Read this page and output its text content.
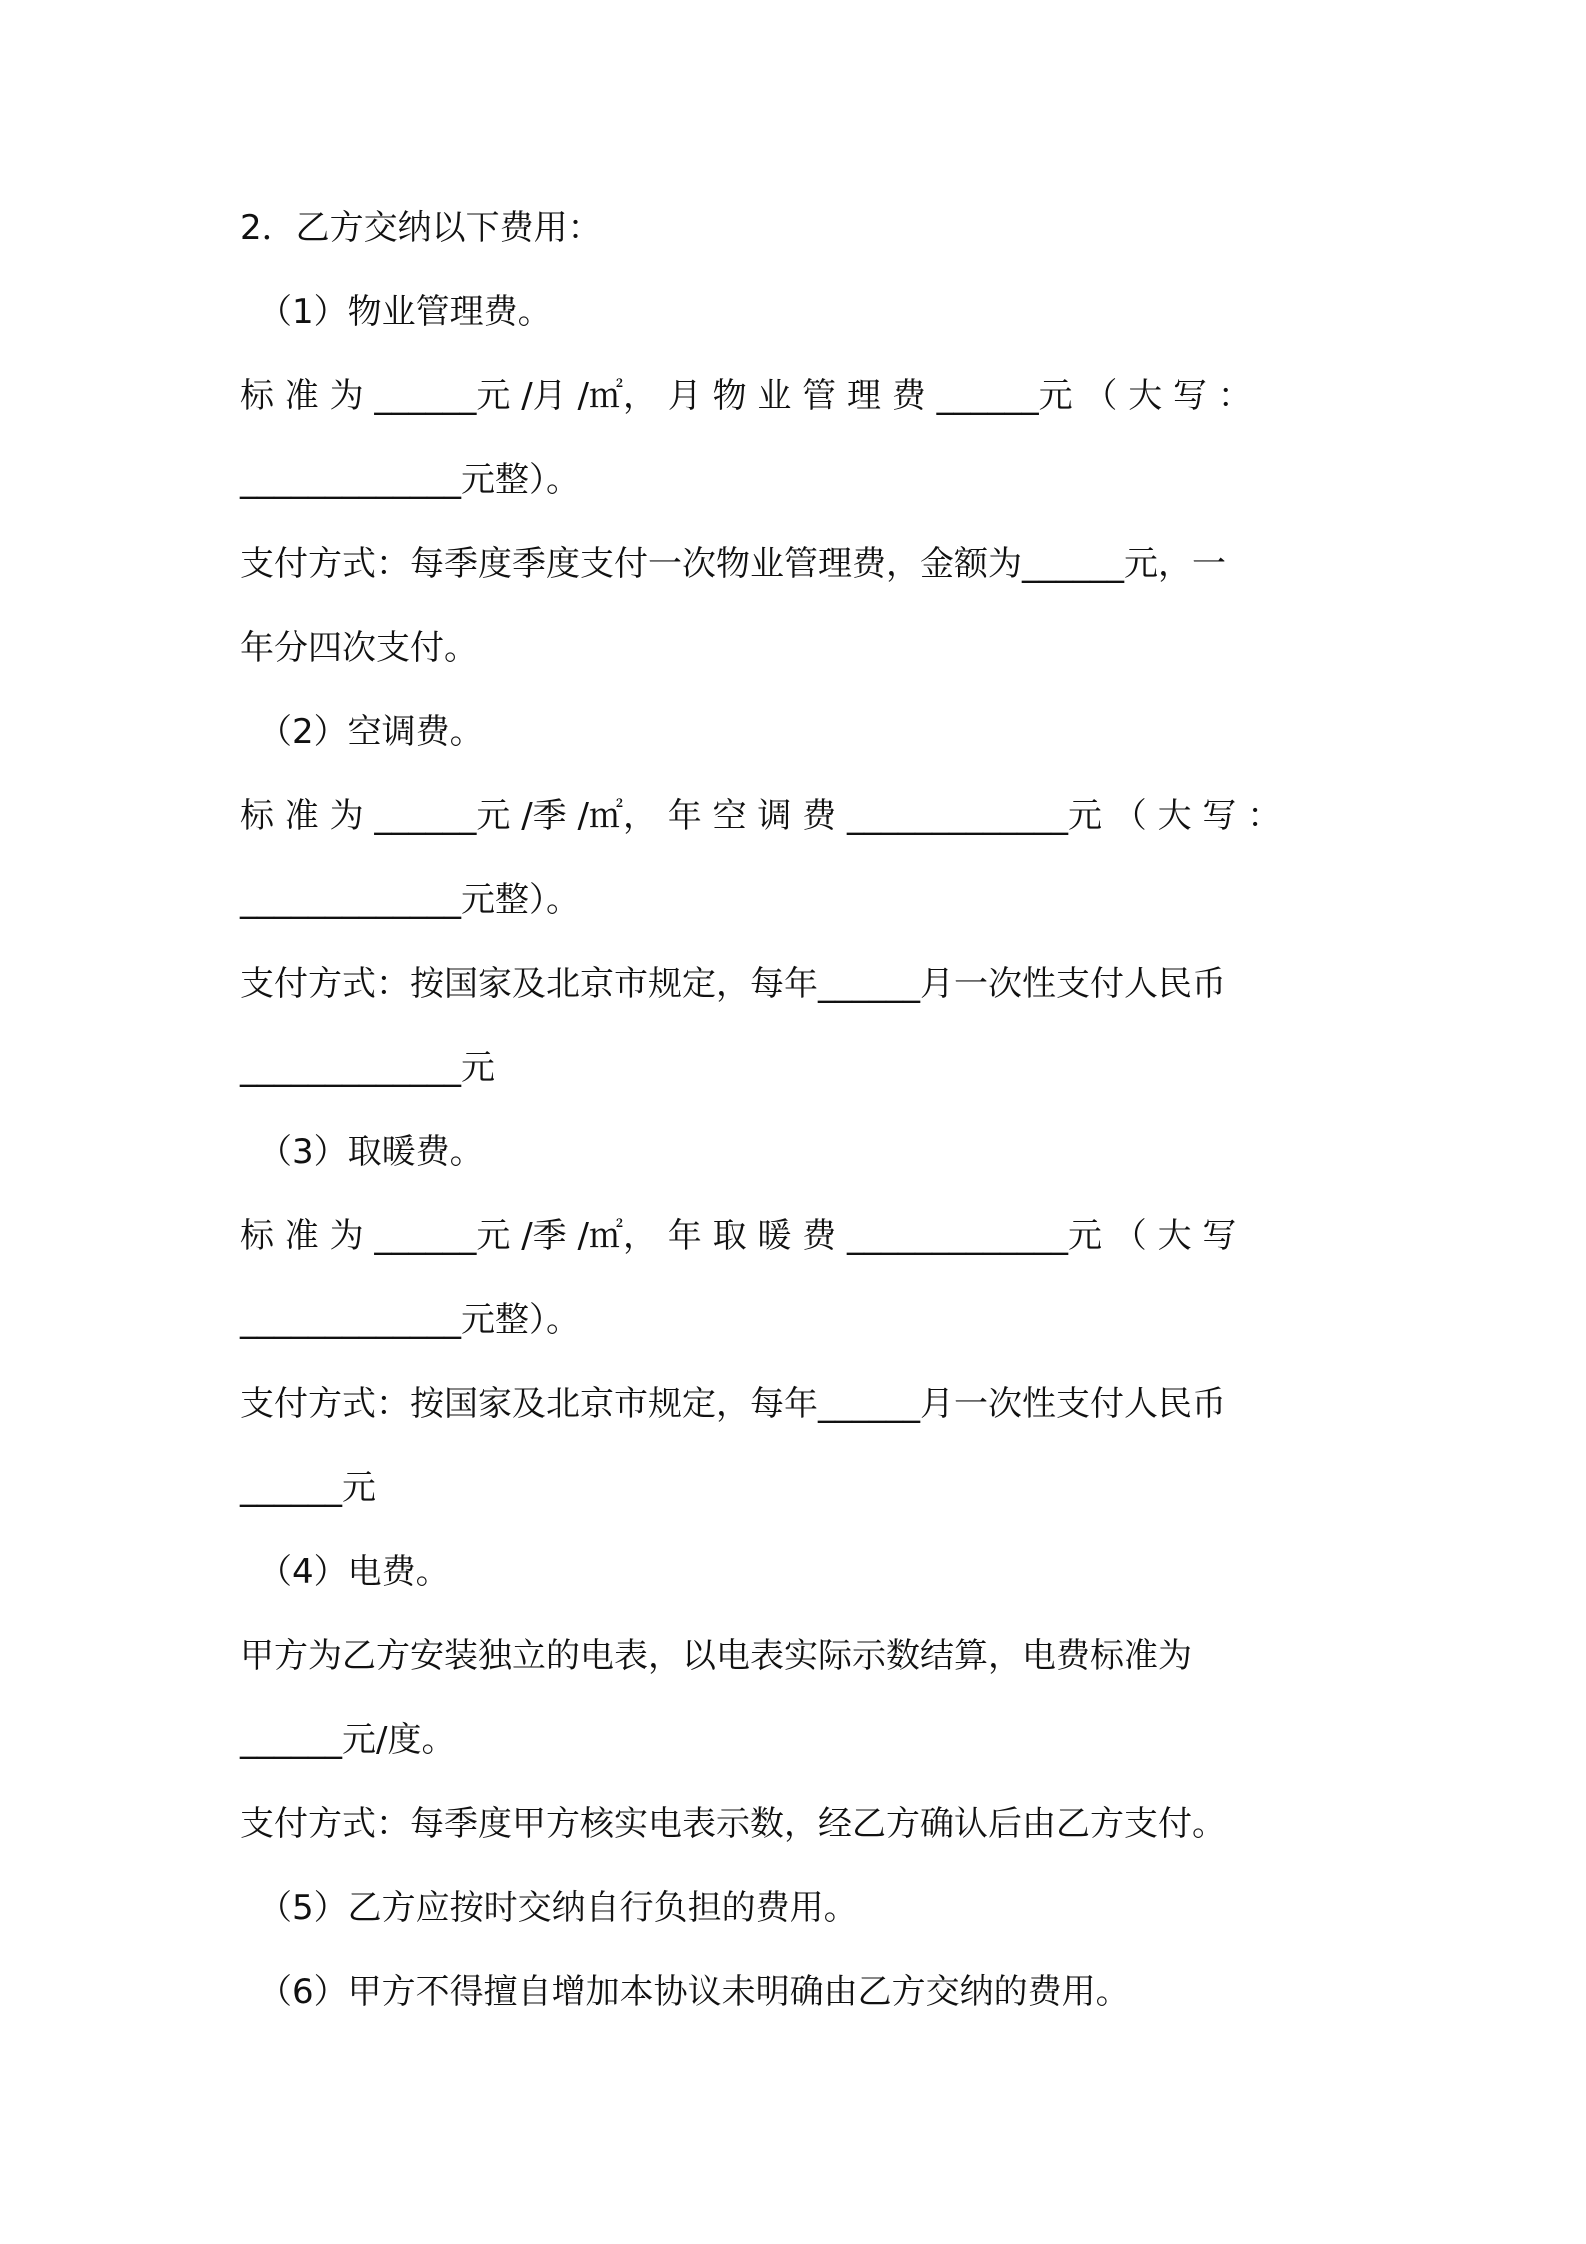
2．乙方交纳以下费用：
（1）物业管理费。
标 准 为 ______元 /月 /㎡， 月 物 业 管 理 费 ______元 （ 大 写 ：
_____________元整）。
支付方式：每季度季度支付一次物业管理费，金额为______元，一
年分四次支付。
（2）空调费。
标 准 为 ______元 /季 /㎡， 年 空 调 费 _____________元 （ 大 写 ：
_____________元整）。
支付方式：按国家及北京市规定，每年______月一次性支付人民币
_____________元
（3）取暖费。
标 准 为 ______元 /季 /㎡， 年 取 暖 费 _____________元 （ 大 写
_____________元整）。
支付方式：按国家及北京市规定，每年______月一次性支付人民币
______元
（4）电费。
甲方为乙方安装独立的电表，以电表实际示数结算，电费标准为
______元/度。
支付方式：每季度甲方核实电表示数，经乙方确认后由乙方支付。
（5）乙方应按时交纳自行负担的费用。
（6）甲方不得擅自增加本协议未明确由乙方交纳的费用。
